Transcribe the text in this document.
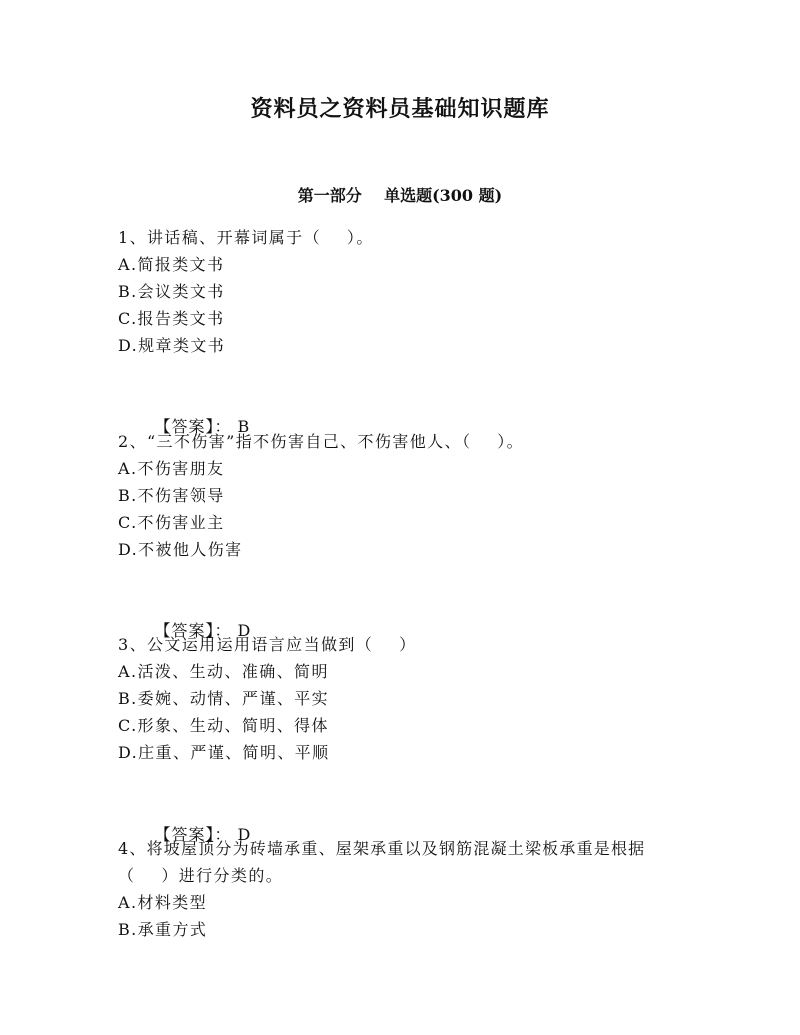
资料员之资料员基础知识题库
第一部分    单选题(300 题)
1、讲话稿、开幕词属于（    ）。
A.简报类文书
B.会议类文书
C.报告类文书
D.规章类文书

【答案】： B

2、“三不伤害”指不伤害自己、不伤害他人、（    ）。
A.不伤害朋友
B.不伤害领导
C.不伤害业主
D.不被他人伤害

【答案】： D

3、公文运用运用语言应当做到（    ）
A.活泼、生动、准确、简明
B.委婉、动情、严谨、平实
C.形象、生动、简明、得体
D.庄重、严谨、简明、平顺

【答案】： D

4、将坡屋顶分为砖墙承重、屋架承重以及钢筋混凝土梁板承重是根据
（    ）进行分类的。
A.材料类型
B.承重方式
